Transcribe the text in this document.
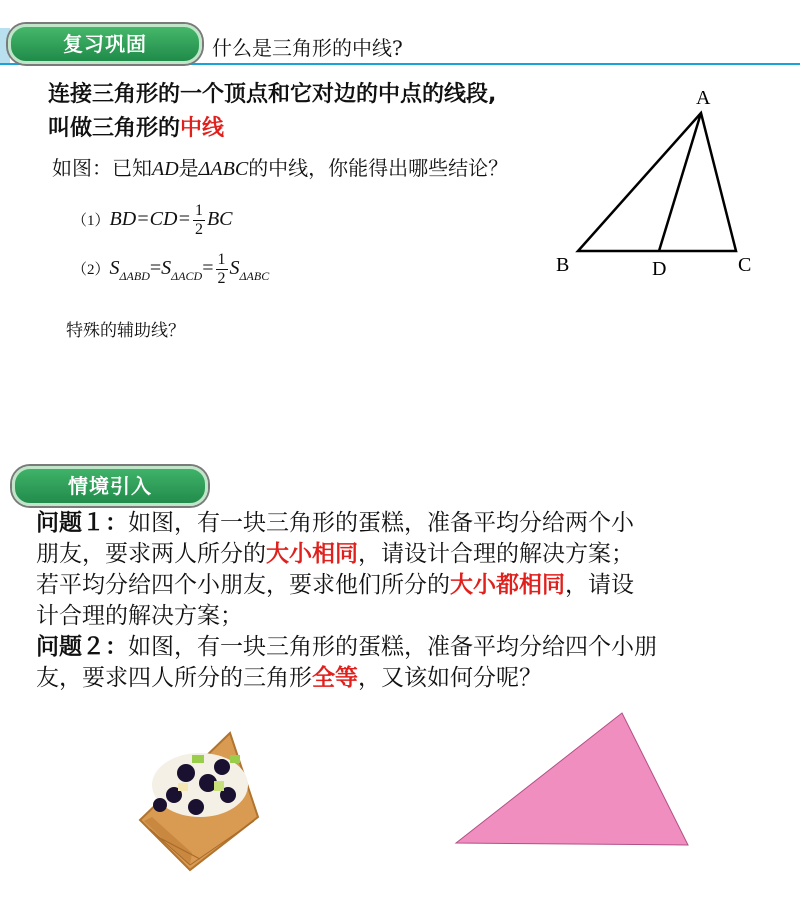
复习巩固	什么是三角形的中线?
连接三角形的一个顶点和它对边的中点的线段,
叫做三角形的中线
如图：已知AD是ΔABC的中线，你能得出哪些结论？
$(1)BD=CD= \frac{1}{2}$ BC
$(2)S_{\Delta ABD}=S_{\Delta ACD}= \frac{1}{2} S_{\Delta ABC}$
特殊的辅助线？
A
B	D	C
情境引入
问题１：如图，有一块三角形的蛋糕，准备平均分给两个小
朋友，要求两人所分的大小相同，请设计合理的解决方案；
若平均分给四个小朋友，要求他们所分的大小都相同，请设
计合理的解决方案；
问题２：如图，有一块三角形的蛋糕，准备平均分给四个小朋
友，要求四人所分的三角形全等，又该如何分呢？
